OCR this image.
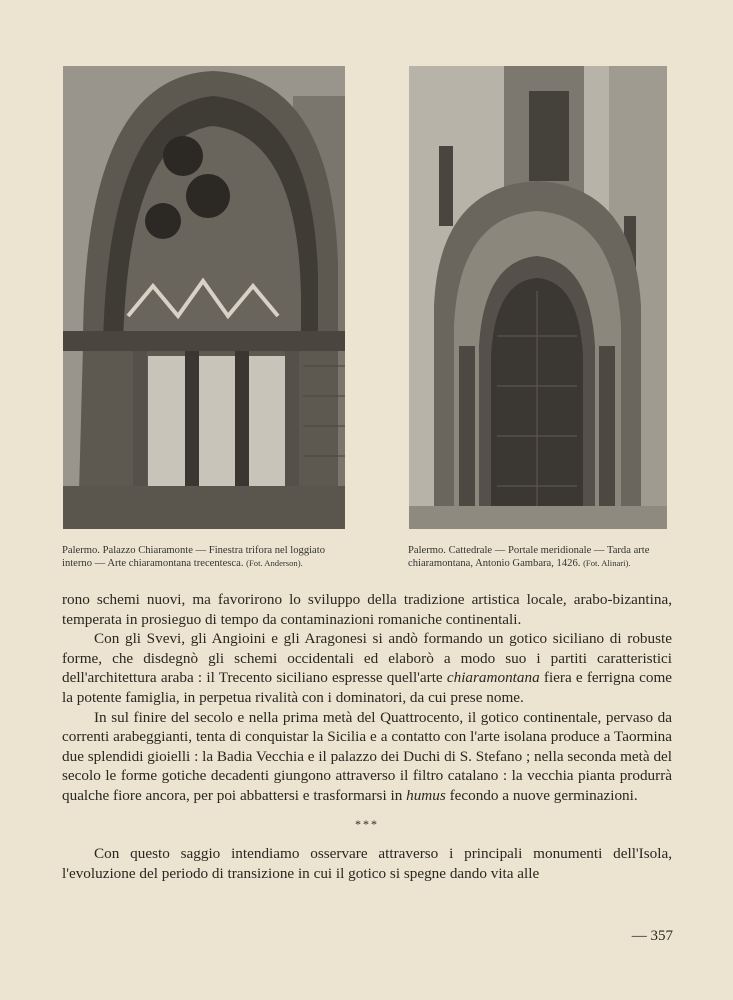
Palermo. Palazzo Chiaramonte — Finestra trifora nel loggiato interno — Arte chiaramontana trecentesca. (Fot. Anderson).
Palermo. Cattedrale — Portale meridionale — Tarda arte chiaramontana, Antonio Gambara, 1426. (Fot. Alinari).

rono schemi nuovi, ma favorirono lo sviluppo della tradizione artistica locale, arabo-bizantina, temperata in prosieguo di tempo da contaminazioni romaniche continentali.

Con gli Svevi, gli Angioini e gli Aragonesi si andò formando un gotico siciliano di robuste forme, che disdegnò gli schemi occidentali ed elaborò a modo suo i partiti caratteristici dell'architettura araba : il Trecento siciliano espresse quell'arte chiaramontana fiera e ferrigna come la potente famiglia, in perpetua rivalità con i dominatori, da cui prese nome.

In sul finire del secolo e nella prima metà del Quattrocento, il gotico continentale, pervaso da correnti arabeggianti, tenta di conquistar la Sicilia e a contatto con l'arte isolana produce a Taormina due splendidi gioielli : la Badia Vecchia e il palazzo dei Duchi di S. Stefano ; nella seconda metà del secolo le forme gotiche decadenti giungono attraverso il filtro catalano : la vecchia pianta produrrà qualche fiore ancora, per poi abbattersi e trasformarsi in humus fecondo a nuove germinazioni.

***

Con questo saggio intendiamo osservare attraverso i principali monumenti dell'Isola, l'evoluzione del periodo di transizione in cui il gotico si spegne dando vita alle

— 357
